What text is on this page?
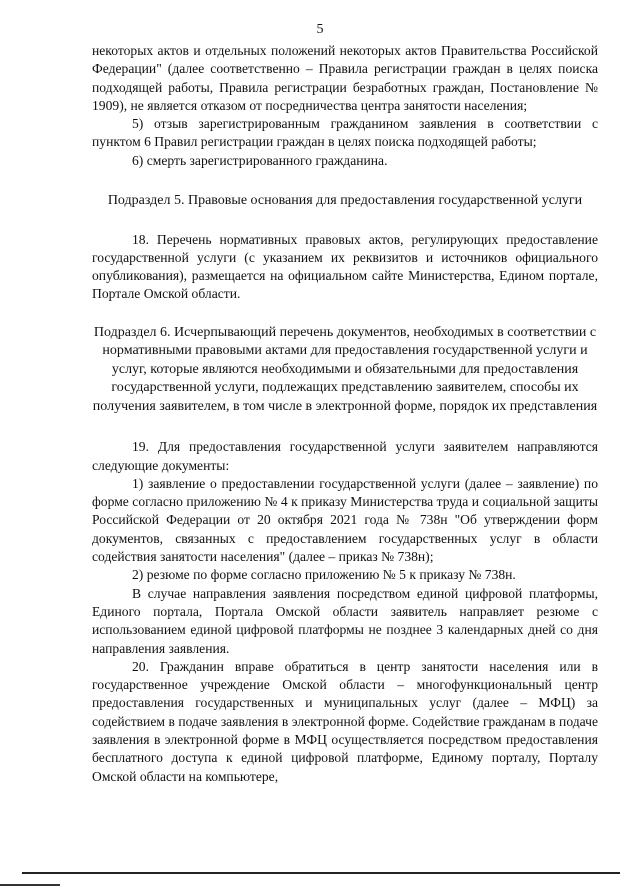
5

некоторых актов и отдельных положений некоторых актов Правительства Российской Федерации" (далее соответственно – Правила регистрации граждан в целях поиска подходящей работы, Правила регистрации безработных граждан, Постановление № 1909), не является отказом от посредничества центра занятости населения;

5) отзыв зарегистрированным гражданином заявления в соответствии с пунктом 6 Правил регистрации граждан в целях поиска подходящей работы;

6) смерть зарегистрированного гражданина.

Подраздел 5. Правовые основания для предоставления государственной услуги

18. Перечень нормативных правовых актов, регулирующих предоставление государственной услуги (с указанием их реквизитов и источников официального опубликования), размещается на официальном сайте Министерства, Едином портале, Портале Омской области.

Подраздел 6. Исчерпывающий перечень документов, необходимых в соответствии с нормативными правовыми актами для предоставления государственной услуги и услуг, которые являются необходимыми и обязательными для предоставления государственной услуги, подлежащих представлению заявителем, способы их получения заявителем, в том числе в электронной форме, порядок их представления

19. Для предоставления государственной услуги заявителем направляются следующие документы:

1) заявление о предоставлении государственной услуги (далее – заявление) по форме согласно приложению № 4 к приказу Министерства труда и социальной защиты Российской Федерации от 20 октября 2021 года № 738н "Об утверждении форм документов, связанных с предоставлением государственных услуг в области содействия занятости населения" (далее – приказ № 738н);

2) резюме по форме согласно приложению № 5 к приказу № 738н.

В случае направления заявления посредством единой цифровой платформы, Единого портала, Портала Омской области заявитель направляет резюме с использованием единой цифровой платформы не позднее 3 календарных дней со дня направления заявления.

20. Гражданин вправе обратиться в центр занятости населения или в государственное учреждение Омской области – многофункциональный центр предоставления государственных и муниципальных услуг (далее – МФЦ) за содействием в подаче заявления в электронной форме. Содействие гражданам в подаче заявления в электронной форме в МФЦ осуществляется посредством предоставления бесплатного доступа к единой цифровой платформе, Единому порталу, Порталу Омской области на компьютере,
